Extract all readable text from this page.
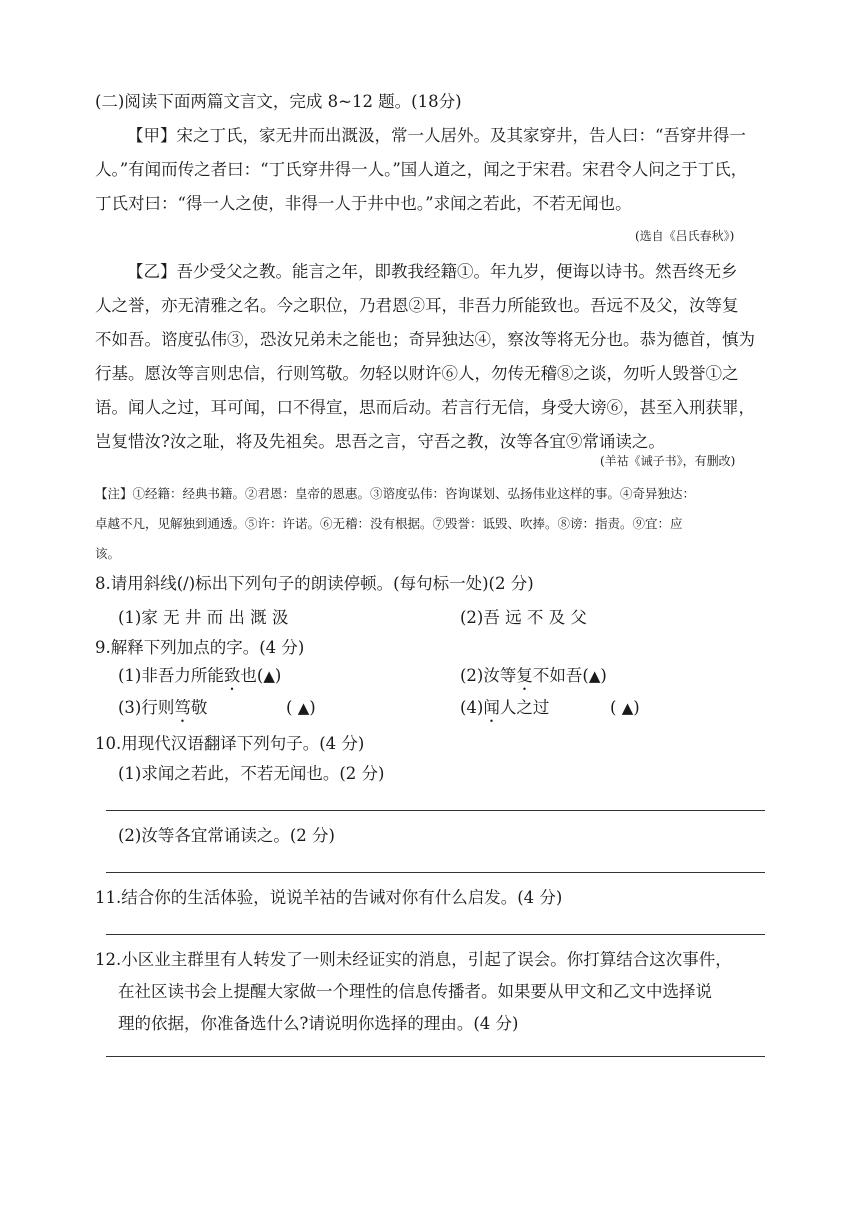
(二)阅读下面两篇文言文，完成 8~12 题。(18分)
【甲】宋之丁氏，家无井而出溉汲，常一人居外。及其家穿井，告人曰：“吾穿井得一
人。”有闻而传之者曰：“丁氏穿井得一人。”国人道之，闻之于宋君。宋君令人问之于丁氏，
丁氏对曰：“得一人之使，非得一人于井中也。”求闻之若此，不若无闻也。
(选自《吕氏春秋》)
【乙】吾少受父之教。能言之年，即教我经籍①。年九岁，便诲以诗书。然吾终无乡
人之誉，亦无清雅之名。今之职位，乃君恩②耳，非吾力所能致也。吾远不及父，汝等复
不如吾。谘度弘伟③，恐汝兄弟未之能也；奇异独达④，察汝等将无分也。恭为德首，慎为
行基。愿汝等言则忠信，行则笃敬。勿轻以财许⑥人，勿传无稽⑧之谈，勿听人毁誉①之
语。闻人之过，耳可闻，口不得宣，思而后动。若言行无信，身受大谤⑥，甚至入刑获罪，
岂复惜汝?汝之耻，将及先祖矣。思吾之言，守吾之教，汝等各宜⑨常诵读之。
(羊祜《诫子书》，有删改)
【注】①经籍：经典书籍。②君恩：皇帝的恩惠。③谘度弘伟：咨询谋划、弘扬伟业这样的事。④奇异独达：
卓越不凡，见解独到通透。⑤许：许诺。⑥无稽：没有根据。⑦毁誉：诋毁、吹捧。⑧谤：指责。⑨宜：应
该。
8.请用斜线(/)标出下列句子的朗读停顿。(每句标一处)(2 分)
(1)家 无 井 而 出 溉 汲	(2)吾 远 不 及 父
9.解释下列加点的字。(4 分)
(1)非吾力所能致也(▲)	(2)汝等复不如吾(▲)
(3)行则笃敬	( ▲)	(4)闻人之过	( ▲)
10.用现代汉语翻译下列句子。(4 分)
(1)求闻之若此，不若无闻也。(2 分)
(2)汝等各宜常诵读之。(2 分)
11.结合你的生活体验，说说羊祜的告诫对你有什么启发。(4 分)
12.小区业主群里有人转发了一则未经证实的消息，引起了误会。你打算结合这次事件，
在社区读书会上提醒大家做一个理性的信息传播者。如果要从甲文和乙文中选择说
理的依据，你准备选什么?请说明你选择的理由。(4 分)
